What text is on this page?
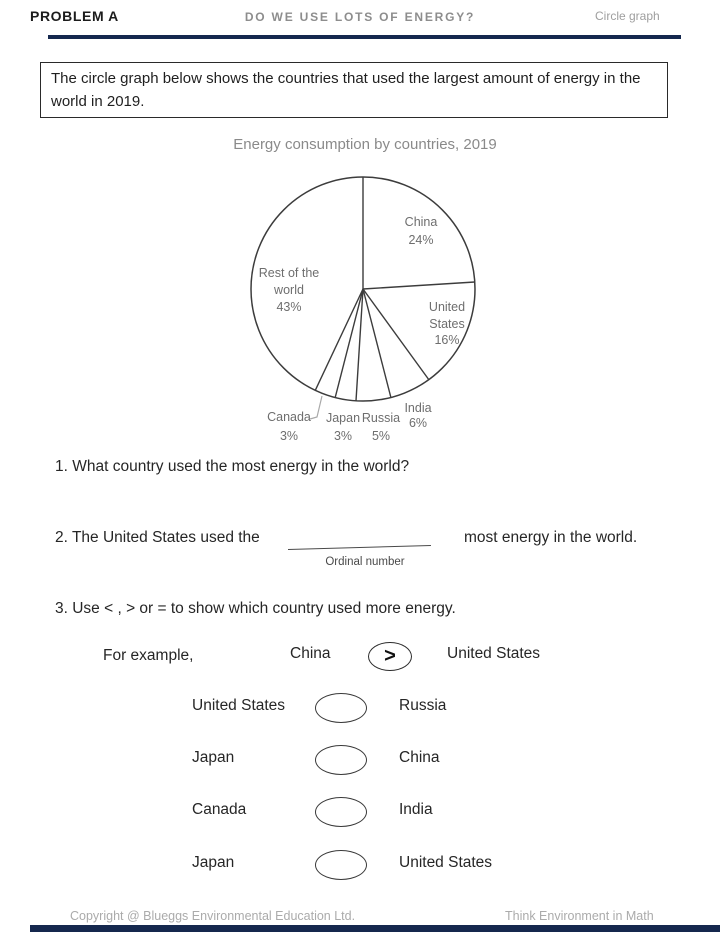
PROBLEM A	DO WE USE LOTS OF ENERGY?	Circle graph
The circle graph below shows the countries that used the largest amount of energy in the world in 2019.
Energy consumption by countries, 2019
China
24%
United
States
16%
Rest of the
world
43%
India
6%
Russia
5%
Japan
3%
Canada
3%
1. What country used the most energy in the world?
2. The United States used the
Ordinal number
most energy in the world.
3. Use < , > or = to show which country used more energy.
For example,	China	>	United States
United States	Russia
Japan	China
Canada	India
Japan	United States
Copyright @ Blueggs Environmental Education Ltd.	Think Environment in Math
